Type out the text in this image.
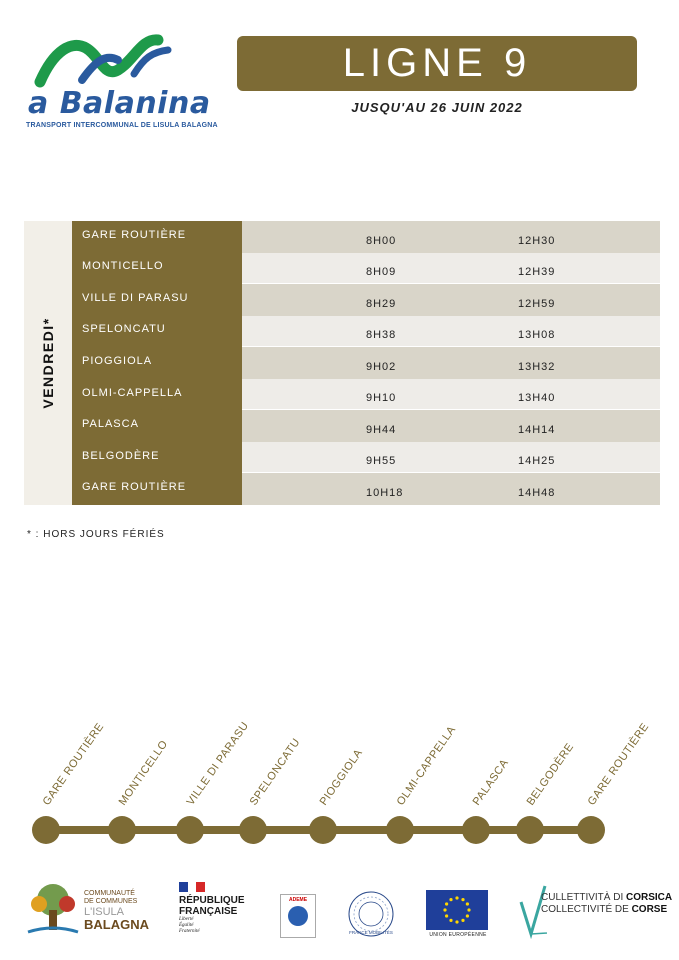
a Balanina
TRANSPORT INTERCOMMUNAL DE LISULA BALAGNA
LIGNE 9
JUSQU'AU 26 JUIN 2022
VENDREDI*
GARE ROUTIÈRE	8H00	12H30
MONTICELLO	8H09	12H39
VILLE DI PARASU	8H29	12H59
SPELONCATU	8H38	13H08
PIOGGIOLA	9H02	13H32
OLMI-CAPPELLA	9H10	13H40
PALASCA	9H44	14H14
BELGODÈRE	9H55	14H25
GARE ROUTIÈRE	10H18	14H48
* : HORS JOURS FÉRIÉS
GARE ROUTIÈRE MONTICELLO VILLE DI PARASU
SPELONCATU PIOGGIOLA	OLMI-CAPPELLA PALASCA BELGODÈRE GARE ROUTIÈRE
COMMUNAUTÉ
DE COMMUNES
L'ISULA
BALAGNA
RÉPUBLIQUE
FRANÇAISE
Liberté
Égalité
Fraternité
ADEME
FRANCE MOBILITÉS	UNION EUROPÉENNE
CULLETTIVITÀ DI CORSICA
COLLECTIVITÉ DE CORSE
